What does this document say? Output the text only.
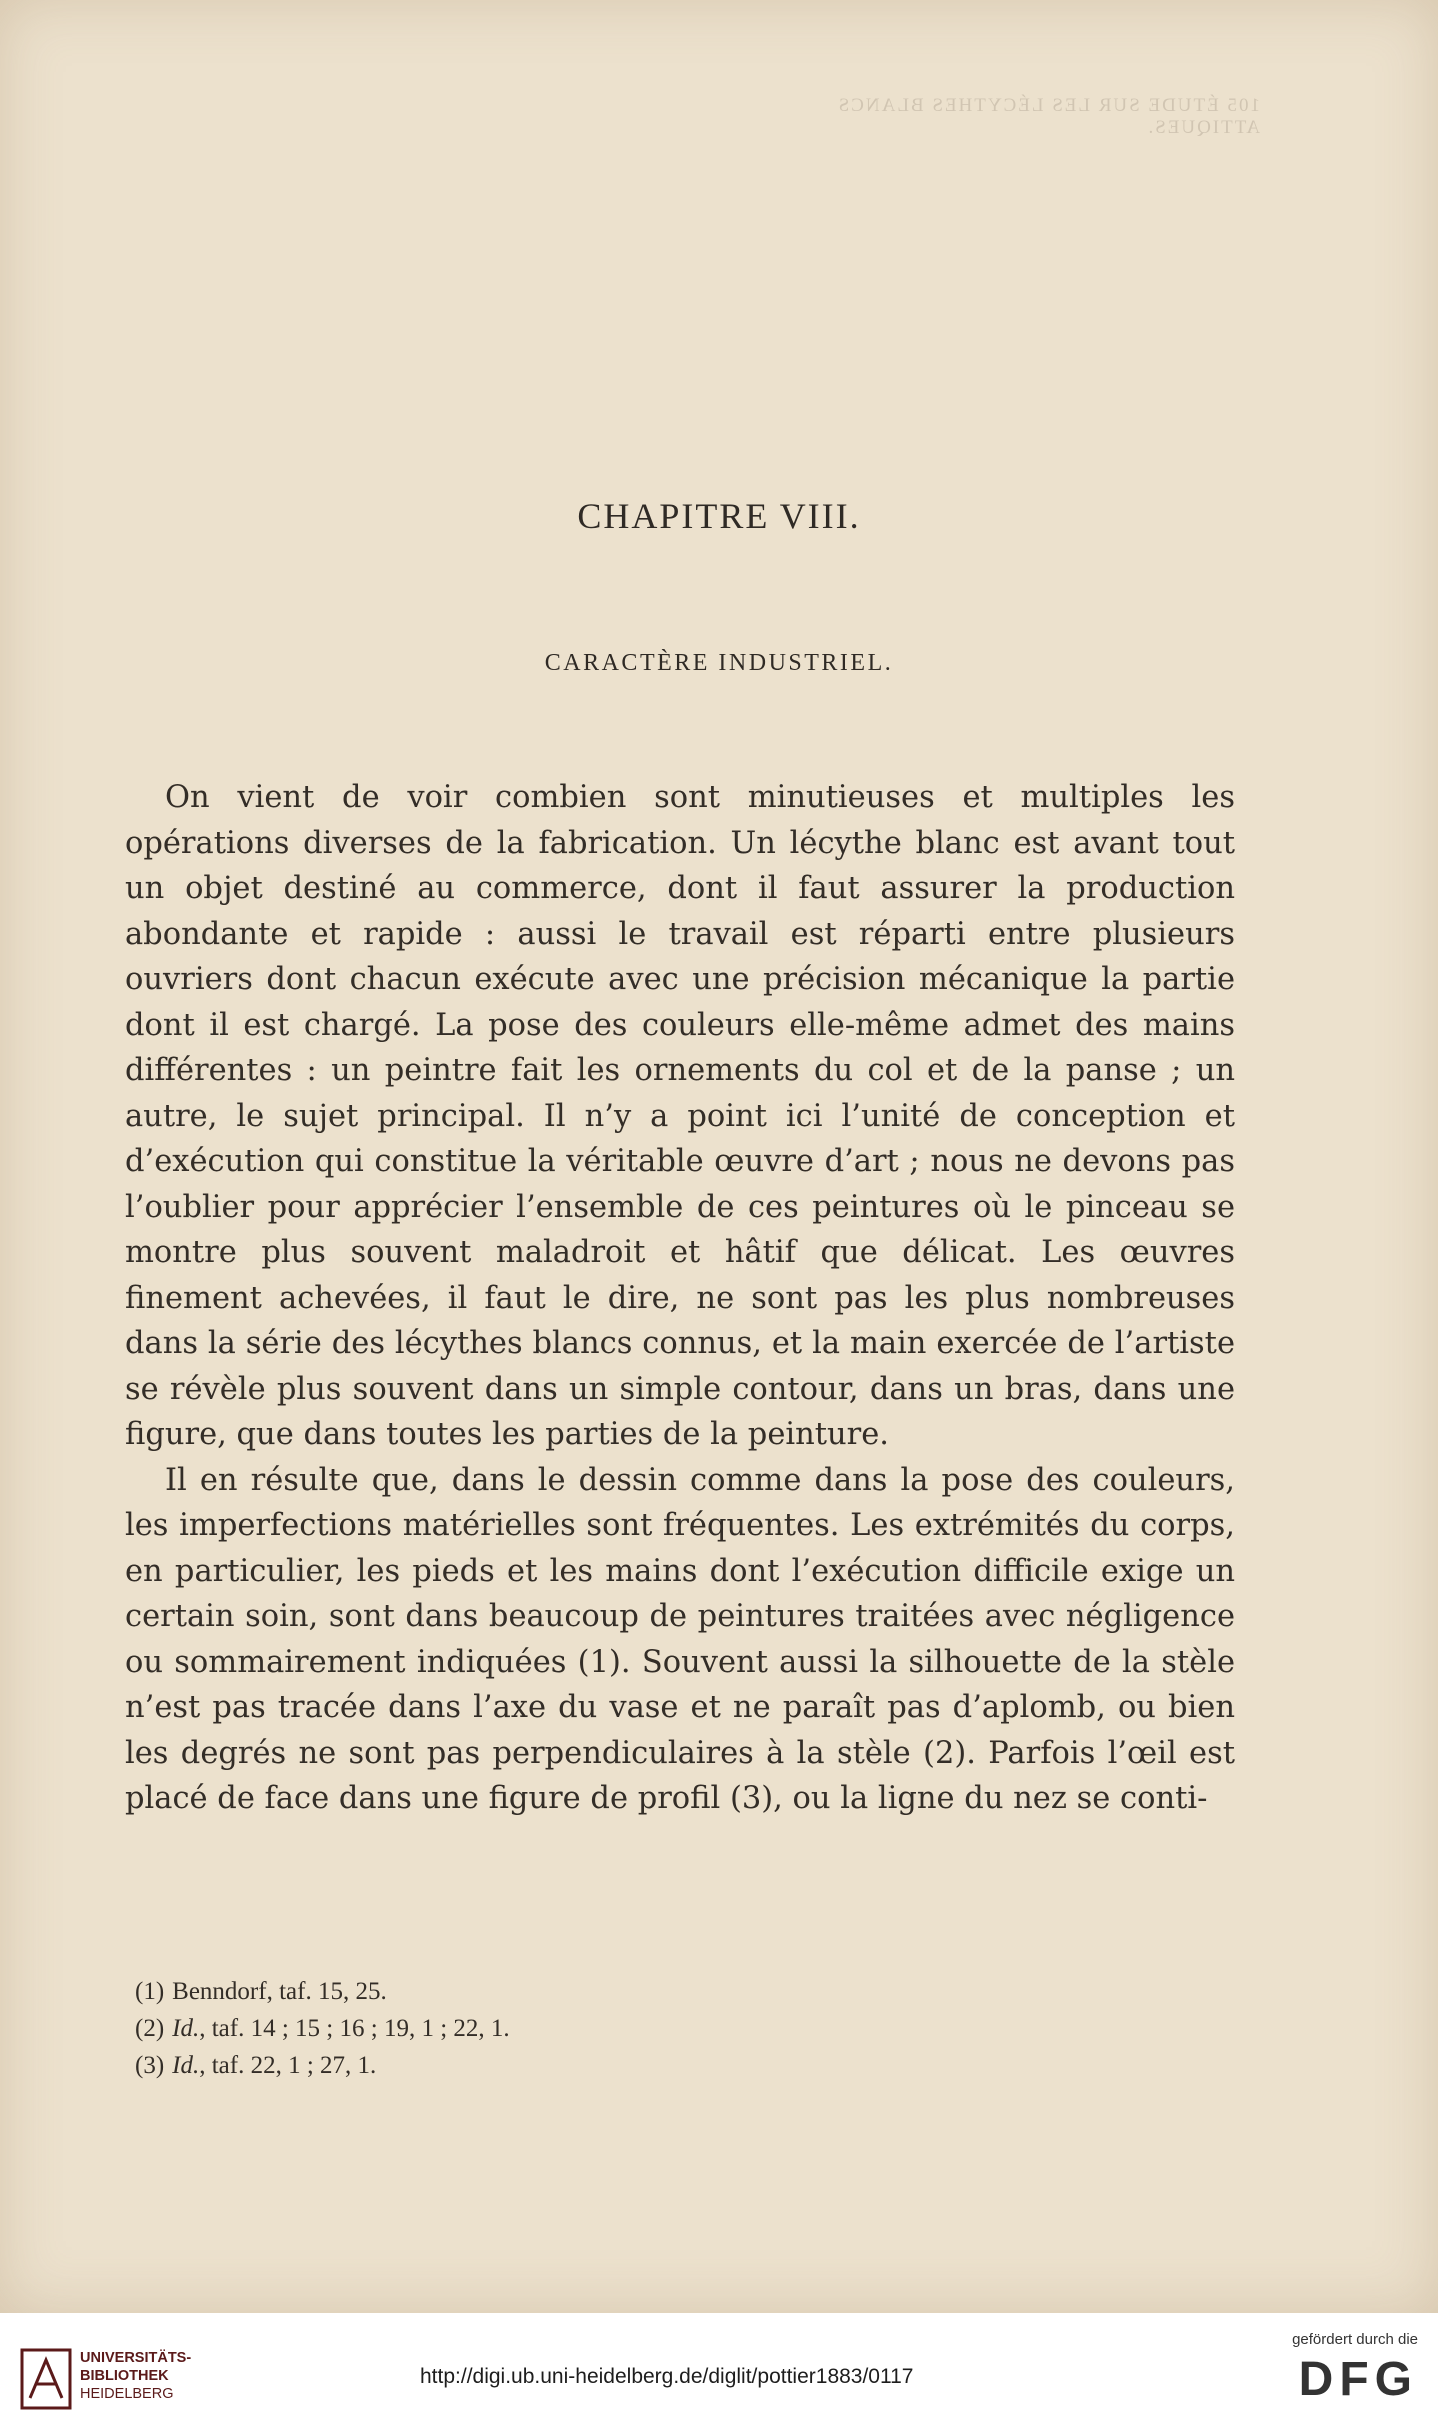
105 ÉTUDE SUR LES LÉCYTHES BLANCS ATTIQUES.
CHAPITRE VIII.
CARACTÈRE INDUSTRIEL.

On vient de voir combien sont minutieuses et multiples les opérations diverses de la fabrication. Un lécythe blanc est avant tout un objet destiné au commerce, dont il faut assurer la production abondante et rapide : aussi le travail est réparti entre plusieurs ouvriers dont chacun exécute avec une précision mécanique la partie dont il est chargé. La pose des couleurs elle-même admet des mains différentes : un peintre fait les ornements du col et de la panse ; un autre, le sujet principal. Il n’y a point ici l’unité de conception et d’exécution qui constitue la véritable œuvre d’art ; nous ne devons pas l’oublier pour apprécier l’ensemble de ces peintures où le pinceau se montre plus souvent maladroit et hâtif que délicat. Les œuvres finement achevées, il faut le dire, ne sont pas les plus nombreuses dans la série des lécythes blancs connus, et la main exercée de l’artiste se révèle plus souvent dans un simple contour, dans un bras, dans une figure, que dans toutes les parties de la peinture.

Il en résulte que, dans le dessin comme dans la pose des couleurs, les imperfections matérielles sont fréquentes. Les extrémités du corps, en particulier, les pieds et les mains dont l’exécution difficile exige un certain soin, sont dans beaucoup de peintures traitées avec négligence ou sommairement indiquées (1). Souvent aussi la silhouette de la stèle n’est pas tracée dans l’axe du vase et ne paraît pas d’aplomb, ou bien les degrés ne sont pas perpendiculaires à la stèle (2). Parfois l’œil est placé de face dans une figure de profil (3), ou la ligne du nez se conti-

(1) Benndorf, taf. 15, 25.

(2) Id., taf. 14 ; 15 ; 16 ; 19, 1 ; 22, 1.

(3) Id., taf. 22, 1 ; 27, 1.

UNIVERSITÄTS-
BIBLIOTHEK
HEIDELBERG
http://digi.ub.uni-heidelberg.de/diglit/pottier1883/0117
gefördert durch die
DFG
